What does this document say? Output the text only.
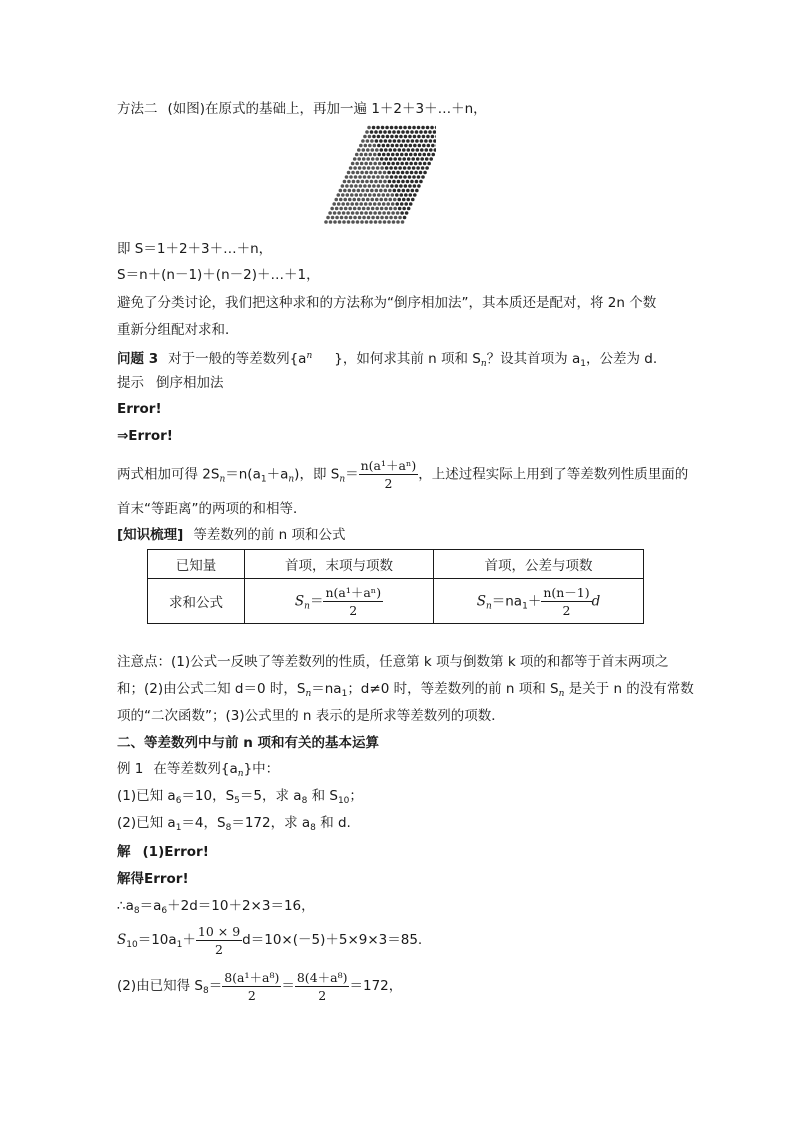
方法二 (如图)在原式的基础上，再加一遍 1＋2＋3＋…＋n，
即 S＝1＋2＋3＋…＋n，
S＝n＋(n－1)＋(n－2)＋…＋1，
避免了分类讨论，我们把这种求和的方法称为“倒序相加法”，其本质还是配对，将 2n 个数
重新分组配对求和．
问题 3 对于一般的等差数列{$a^n$ }，如何求其前 n 项和 $S_n$？设其首项为 $a_1$，公差为 d.
提示 倒序相加法
Error!
⇒Error!
两式相加可得 $2S_n=n(a_1+a_n)$，即 $S_n= \frac{\text{n(a¹＋aⁿ)}}{2}$ ，上述过程实际上用到了等差数列性质里面的
首末“等距离”的两项的和相等．
[知识梳理] 等差数列的前 n 项和公式
已知量	首项，末项与项数	首项，公差与项数
求和公式	$S_n= \frac{\text{n(a¹＋aⁿ)}}{2}$	$S_n=na_1+ \frac{n(n-1)}{2}$ d
注意点：(1)公式一反映了等差数列的性质，任意第 k 项与倒数第 k 项的和都等于首末两项之
和；(2)由公式二知 d＝0 时，$S_n=na_1$；d≠0 时，等差数列的前 n 项和 $S_n$ 是关于 n 的没有常数
项的“二次函数”；(3)公式里的 n 表示的是所求等差数列的项数．
二、等差数列中与前 n 项和有关的基本运算
例 1 在等差数列$\{a_n\}$中：
(1)已知 $a_6=10$，$S_5=5$，求 $a_8$ 和 $S_{10}$；
(2)已知 $a_1=4$，$S_8=172$，求 $a_8$ 和 d.
解 (1)Error!
解得Error!
$\therefore a_8=a_6+2d=10+2\times 3=16$，
$S_{10}=10a_1+ \frac{10 \times 9}{2} d=10\times(-5)+5\times 9\times 3=85$.
(2)由已知得 $S_8= \frac{\text{8(a¹＋a⁸)}}{2} = \frac{\text{8(4＋a⁸)}}{2} =172$，
